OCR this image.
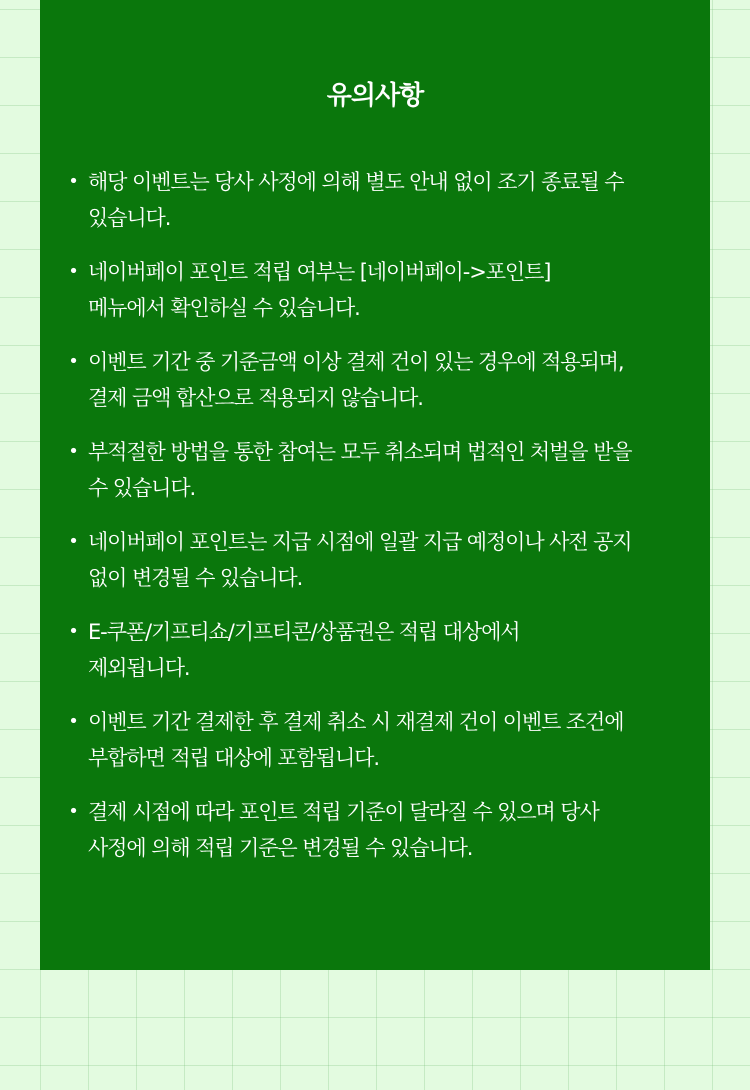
유의사항
• 해당 이벤트는 당사 사정에 의해 별도 안내 없이 조기 종료될 수
있습니다.
• 네이버페이 포인트 적립 여부는 [네이버페이->포인트]
메뉴에서 확인하실 수 있습니다.
• 이벤트 기간 중 기준금액 이상 결제 건이 있는 경우에 적용되며,
결제 금액 합산으로 적용되지 않습니다.
• 부적절한 방법을 통한 참여는 모두 취소되며 법적인 처벌을 받을
수 있습니다.
• 네이버페이 포인트는 지급 시점에 일괄 지급 예정이나 사전 공지
없이 변경될 수 있습니다.
• E-쿠폰/기프티쇼/기프티콘/상품권은 적립 대상에서
제외됩니다.
• 이벤트 기간 결제한 후 결제 취소 시 재결제 건이 이벤트 조건에
부합하면 적립 대상에 포함됩니다.
• 결제 시점에 따라 포인트 적립 기준이 달라질 수 있으며 당사
사정에 의해 적립 기준은 변경될 수 있습니다.
